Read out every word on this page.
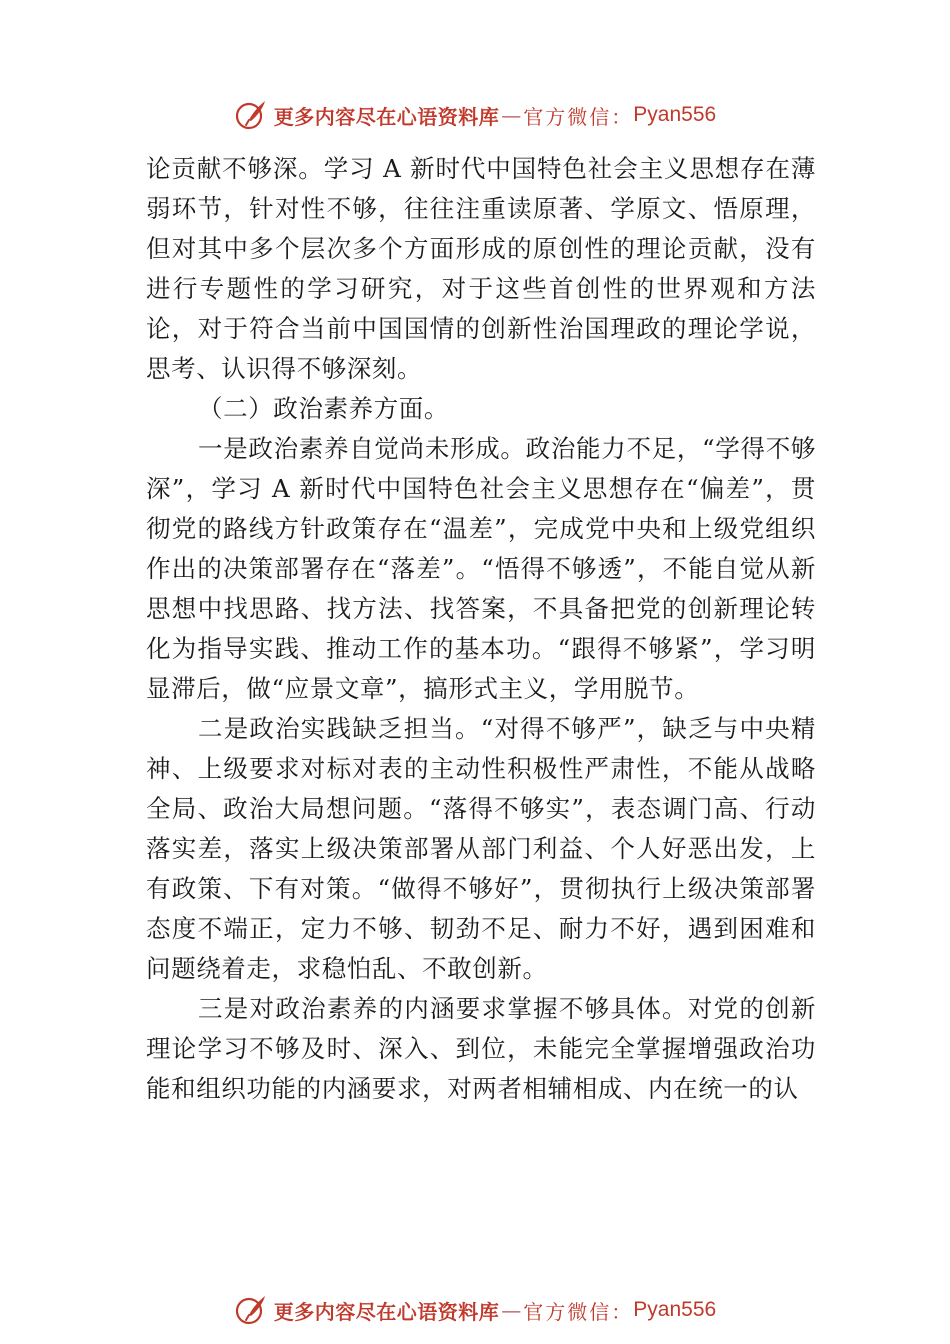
更多内容尽在心语资料库 — 官方微信： Pyan556

论贡献不够深。学习 A 新时代中国特色社会主义思想存在薄弱环节，针对性不够，往往注重读原著、学原文、悟原理，但对其中多个层次多个方面形成的原创性的理论贡献，没有进行专题性的学习研究，对于这些首创性的世界观和方法论，对于符合当前中国国情的创新性治国理政的理论学说，思考、认识得不够深刻。

（二）政治素养方面。

一是政治素养自觉尚未形成。政治能力不足，“学得不够深”，学习 A 新时代中国特色社会主义思想存在“偏差”，贯彻党的路线方针政策存在“温差”，完成党中央和上级党组织作出的决策部署存在“落差”。“悟得不够透”，不能自觉从新思想中找思路、找方法、找答案，不具备把党的创新理论转化为指导实践、推动工作的基本功。“跟得不够紧”，学习明显滞后，做“应景文章”，搞形式主义，学用脱节。

二是政治实践缺乏担当。“对得不够严”，缺乏与中央精神、上级要求对标对表的主动性积极性严肃性，不能从战略全局、政治大局想问题。“落得不够实”，表态调门高、行动落实差，落实上级决策部署从部门利益、个人好恶出发，上有政策、下有对策。“做得不够好”，贯彻执行上级决策部署态度不端正，定力不够、韧劲不足、耐力不好，遇到困难和问题绕着走，求稳怕乱、不敢创新。

三是对政治素养的内涵要求掌握不够具体。对党的创新理论学习不够及时、深入、到位，未能完全掌握增强政治功能和组织功能的内涵要求，对两者相辅相成、内在统一的认

更多内容尽在心语资料库 — 官方微信： Pyan556
